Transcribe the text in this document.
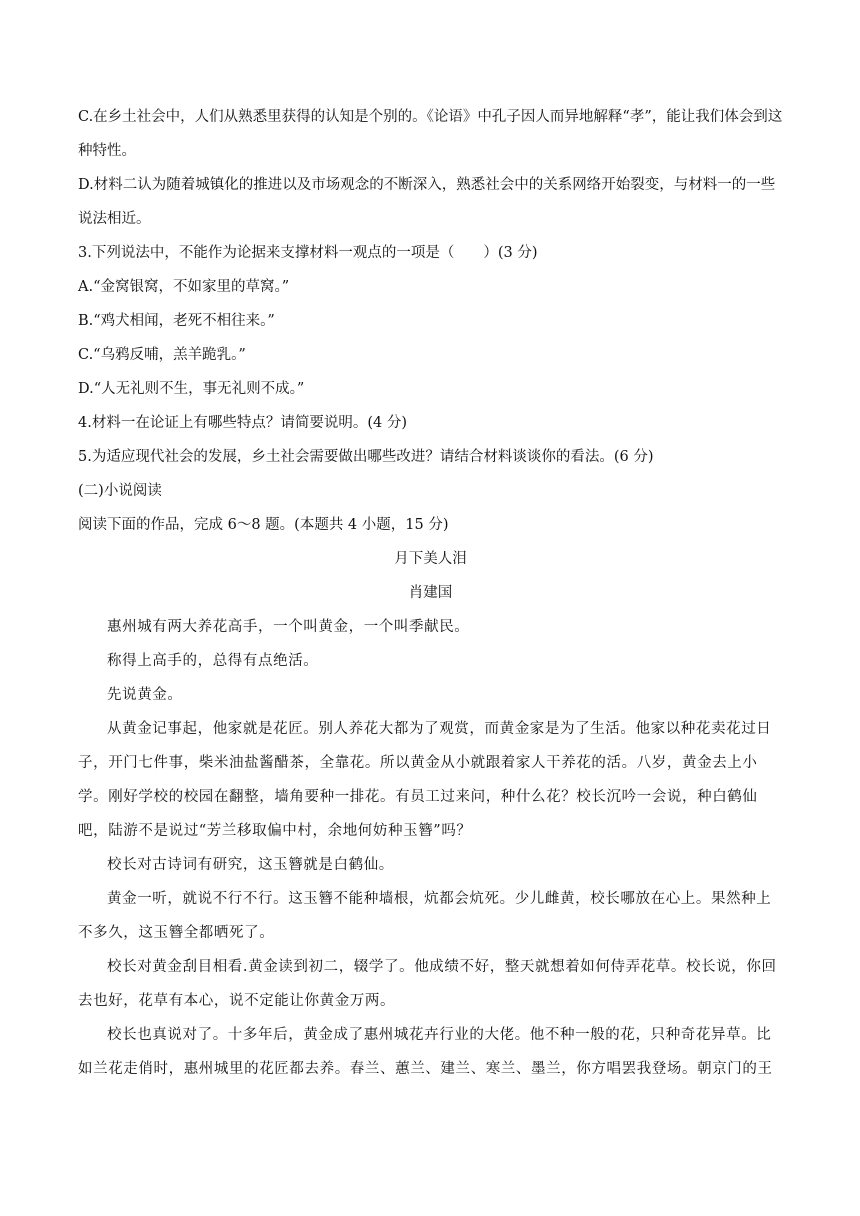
C.在乡土社会中，人们从熟悉里获得的认知是个别的。《论语》中孔子因人而异地解释“孝”，能让我们体会到这种特性。
D.材料二认为随着城镇化的推进以及市场观念的不断深入，熟悉社会中的关系网络开始裂变，与材料一的一些说法相近。
3.下列说法中，不能作为论据来支撑材料一观点的一项是（　　）(3 分)
A.“金窝银窝，不如家里的草窝。”
B.“鸡犬相闻，老死不相往来。”
C.“乌鸦反哺，羔羊跪乳。”
D.“人无礼则不生，事无礼则不成。”
4.材料一在论证上有哪些特点？请简要说明。(4 分)
5.为适应现代社会的发展，乡土社会需要做出哪些改进？请结合材料谈谈你的看法。(6 分)
(二)小说阅读
阅读下面的作品，完成 6～8 题。(本题共 4 小题，15 分)
月下美人泪
肖建国
惠州城有两大养花高手，一个叫黄金，一个叫季献民。
称得上高手的，总得有点绝活。
先说黄金。
从黄金记事起，他家就是花匠。别人养花大都为了观赏，而黄金家是为了生活。他家以种花卖花过日子，开门七件事，柴米油盐酱醋茶，全靠花。所以黄金从小就跟着家人干养花的活。八岁，黄金去上小学。刚好学校的校园在翻整，墙角要种一排花。有员工过来问，种什么花？校长沉吟一会说，种白鹤仙吧，陆游不是说过“芳兰移取偏中村，余地何妨种玉簪”吗？
校长对古诗词有研究，这玉簪就是白鹤仙。
黄金一听，就说不行不行。这玉簪不能种墙根，炕都会炕死。少儿雌黄，校长哪放在心上。果然种上不多久，这玉簪全都晒死了。
校长对黄金刮目相看.黄金读到初二，辍学了。他成绩不好，整天就想着如何侍弄花草。校长说，你回去也好，花草有本心，说不定能让你黄金万两。
校长也真说对了。十多年后，黄金成了惠州城花卉行业的大佬。他不种一般的花，只种奇花异草。比如兰花走俏时，惠州城里的花匠都去养。春兰、蕙兰、建兰、寒兰、墨兰，你方唱罢我登场。朝京门的王
